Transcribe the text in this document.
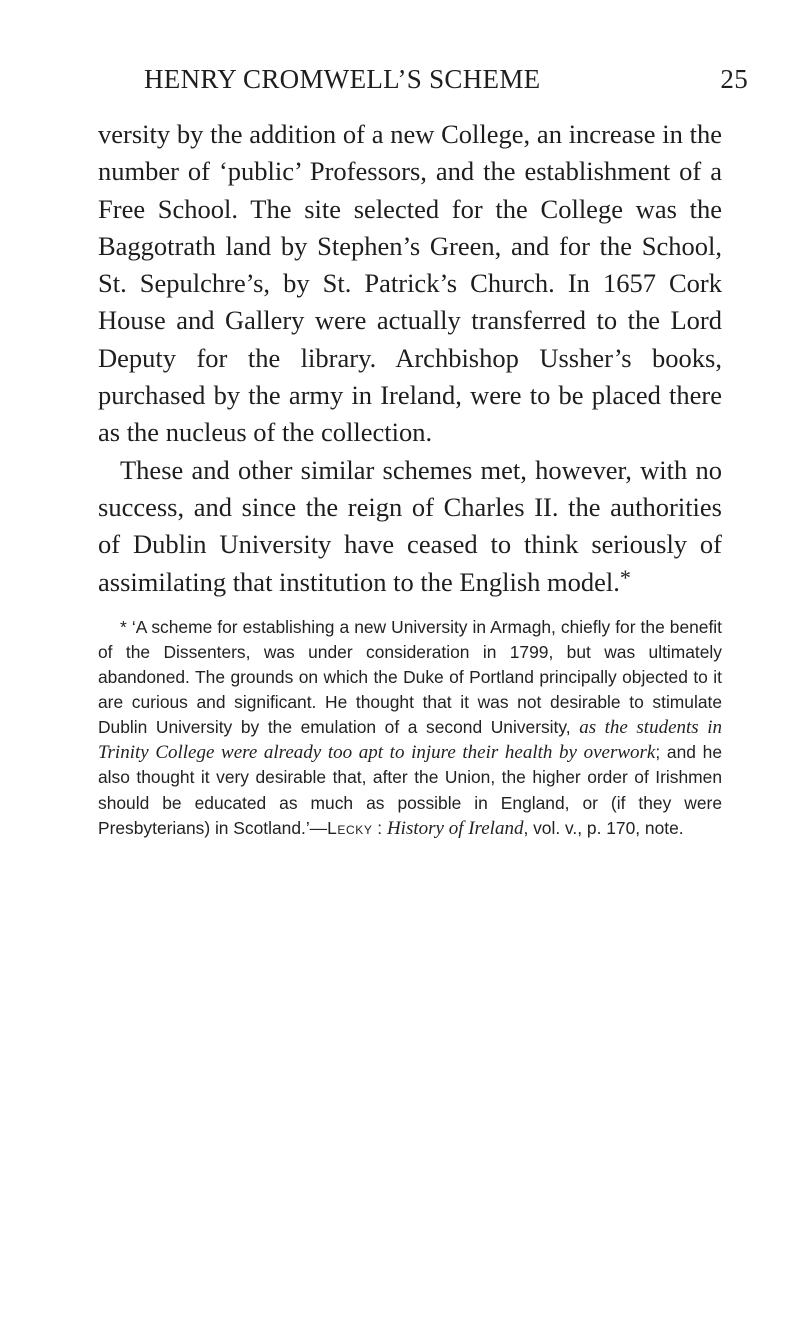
HENRY CROMWELL’S SCHEME	25

versity by the addition of a new College, an increase in the number of ‘public’ Professors, and the establishment of a Free School. The site selected for the College was the Baggotrath land by Stephen’s Green, and for the School, St. Sepulchre’s, by St. Patrick’s Church. In 1657 Cork House and Gallery were actually transferred to the Lord Deputy for the library. Archbishop Ussher’s books, purchased by the army in Ireland, were to be placed there as the nucleus of the collection.

These and other similar schemes met, however, with no success, and since the reign of Charles II. the authorities of Dublin University have ceased to think seriously of assimilating that institution to the English model.*

* ‘A scheme for establishing a new University in Armagh, chiefly for the benefit of the Dissenters, was under consideration in 1799, but was ultimately abandoned. The grounds on which the Duke of Portland principally objected to it are curious and significant. He thought that it was not desirable to stimulate Dublin University by the emulation of a second University, as the students in Trinity College were already too apt to injure their health by overwork; and he also thought it very desirable that, after the Union, the higher order of Irishmen should be educated as much as possible in England, or (if they were Presbyterians) in Scotland.’—Lecky : History of Ireland, vol. v., p. 170, note.
